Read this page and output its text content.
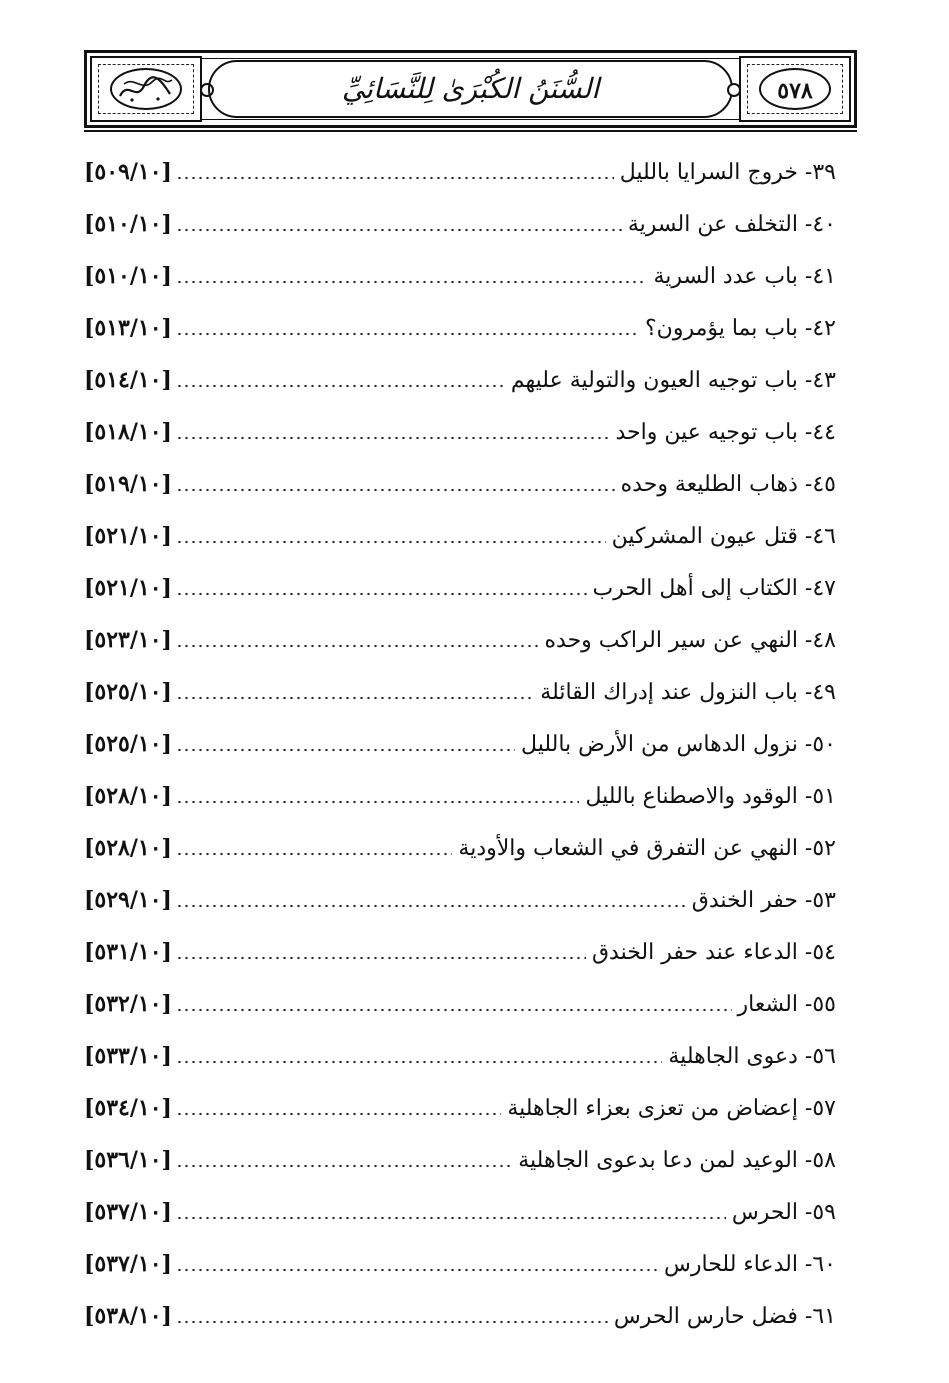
السُّنَنُ الكُبْرَىٰ لِلنَّسَائِيِّ	٥٧٨
٣٩- خروج السرايا بالليل
[٥٠٩/١٠]
٤٠- التخلف عن السرية
[٥١٠/١٠]
٤١- باب عدد السرية
[٥١٠/١٠]
٤٢- باب بما يؤمرون؟
[٥١٣/١٠]
٤٣- باب توجيه العيون والتولية عليهم
[٥١٤/١٠]
٤٤- باب توجيه عين واحد
[٥١٨/١٠]
٤٥- ذهاب الطليعة وحده
[٥١٩/١٠]
٤٦- قتل عيون المشركين
[٥٢١/١٠]
٤٧- الكتاب إلى أهل الحرب
[٥٢١/١٠]
٤٨- النهي عن سير الراكب وحده
[٥٢٣/١٠]
٤٩- باب النزول عند إدراك القائلة
[٥٢٥/١٠]
٥٠- نزول الدهاس من الأرض بالليل
[٥٢٥/١٠]
٥١- الوقود والاصطناع بالليل
[٥٢٨/١٠]
٥٢- النهي عن التفرق في الشعاب والأودية
[٥٢٨/١٠]
٥٣- حفر الخندق
[٥٢٩/١٠]
٥٤- الدعاء عند حفر الخندق
[٥٣١/١٠]
٥٥- الشعار
[٥٣٢/١٠]
٥٦- دعوى الجاهلية
[٥٣٣/١٠]
٥٧- إعضاض من تعزى بعزاء الجاهلية
[٥٣٤/١٠]
٥٨- الوعيد لمن دعا بدعوى الجاهلية
[٥٣٦/١٠]
٥٩- الحرس
[٥٣٧/١٠]
٦٠- الدعاء للحارس
[٥٣٧/١٠]
٦١- فضل حارس الحرس
[٥٣٨/١٠]
